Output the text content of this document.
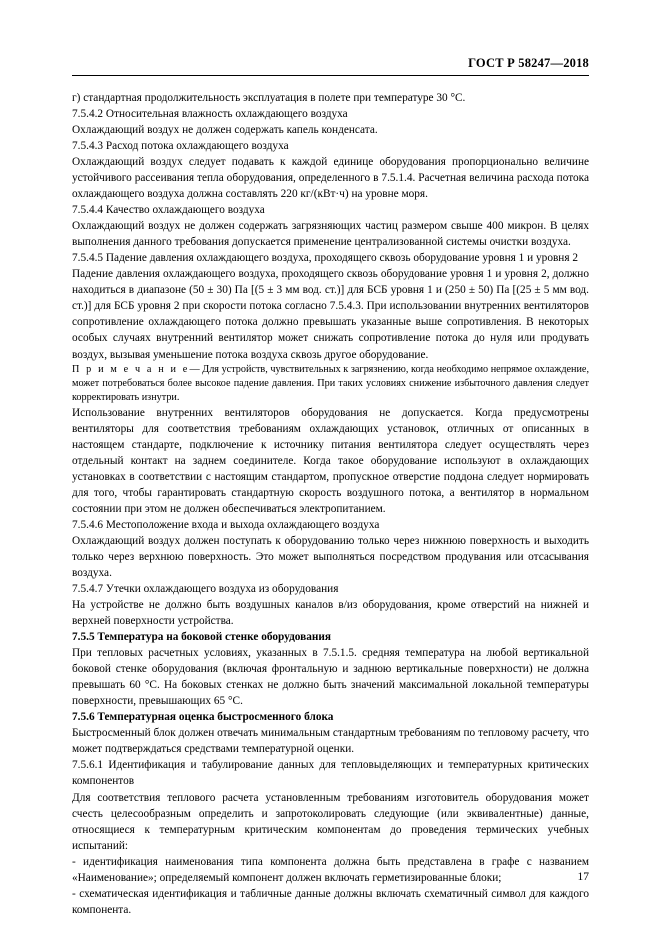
ГОСТ Р 58247—2018

г) стандартная продолжительность эксплуатация в полете при температуре 30 °С.

7.5.4.2 Относительная влажность охлаждающего воздуха

Охлаждающий воздух не должен содержать капель конденсата.

7.5.4.3 Расход потока охлаждающего воздуха

Охлаждающий воздух следует подавать к каждой единице оборудования пропорционально величине устойчивого рассеивания тепла оборудования, определенного в 7.5.1.4. Расчетная величина расхода потока охлаждающего воздуха должна составлять 220 кг/(кВт·ч) на уровне моря.

7.5.4.4 Качество охлаждающего воздуха

Охлаждающий воздух не должен содержать загрязняющих частиц размером свыше 400 микрон. В целях выполнения данного требования допускается применение централизованной системы очистки воздуха.

7.5.4.5 Падение давления охлаждающего воздуха, проходящего сквозь оборудование уровня 1 и уровня 2

Падение давления охлаждающего воздуха, проходящего сквозь оборудование уровня 1 и уровня 2, должно находиться в диапазоне (50 ± 30) Па [(5 ± 3 мм вод. ст.)] для БСБ уровня 1 и (250 ± 50) Па [(25 ± 5 мм вод. ст.)] для БСБ уровня 2 при скорости потока согласно 7.5.4.3. При использовании внутренних вентиляторов сопротивление охлаждающего потока должно превышать указанные выше сопротивления. В некоторых особых случаях внутренний вентилятор может снижать сопротивление потока до нуля или продувать воздух, вызывая уменьшение потока воздуха сквозь другое оборудование.

П р и м е ч а н и е— Для устройств, чувствительных к загрязнению, когда необходимо непрямое охлаждение, может потребоваться более высокое падение давления. При таких условиях снижение избыточного давления следует корректировать изнутри.

Использование внутренних вентиляторов оборудования не допускается. Когда предусмотрены вентиляторы для соответствия требованиям охлаждающих установок, отличных от описанных в настоящем стандарте, подключение к источнику питания вентилятора следует осуществлять через отдельный контакт на заднем соединителе. Когда такое оборудование используют в охлаждающих установках в соответствии с настоящим стандартом, пропускное отверстие поддона следует нормировать для того, чтобы гарантировать стандартную скорость воздушного потока, а вентилятор в нормальном состоянии при этом не должен обеспечиваться электропитанием.

7.5.4.6 Местоположение входа и выхода охлаждающего воздуха

Охлаждающий воздух должен поступать к оборудованию только через нижнюю поверхность и выходить только через верхнюю поверхность. Это может выполняться посредством продувания или отсасывания воздуха.

7.5.4.7 Утечки охлаждающего воздуха из оборудования

На устройстве не должно быть воздушных каналов в/из оборудования, кроме отверстий на нижней и верхней поверхности устройства.

7.5.5 Температура на боковой стенке оборудования

При тепловых расчетных условиях, указанных в 7.5.1.5. средняя температура на любой вертикальной боковой стенке оборудования (включая фронтальную и заднюю вертикальные поверхности) не должна превышать 60 °С. На боковых стенках не должно быть значений максимальной локальной температуры поверхности, превышающих 65 °С.

7.5.6 Температурная оценка быстросменного блока

Быстросменный блок должен отвечать минимальным стандартным требованиям по тепловому расчету, что может подтверждаться средствами температурной оценки.

7.5.6.1 Идентификация и табулирование данных для тепловыделяющих и температурных критических компонентов

Для соответствия теплового расчета установленным требованиям изготовитель оборудования может счесть целесообразным определить и запротоколировать следующие (или эквивалентные) данные, относящиеся к температурным критическим компонентам до проведения термических учебных испытаний:

- идентификация наименования типа компонента должна быть представлена в графе с названием «Наименование»; определяемый компонент должен включать герметизированные блоки;

- схематическая идентификация и табличные данные должны включать схематичный символ для каждого компонента.

17
